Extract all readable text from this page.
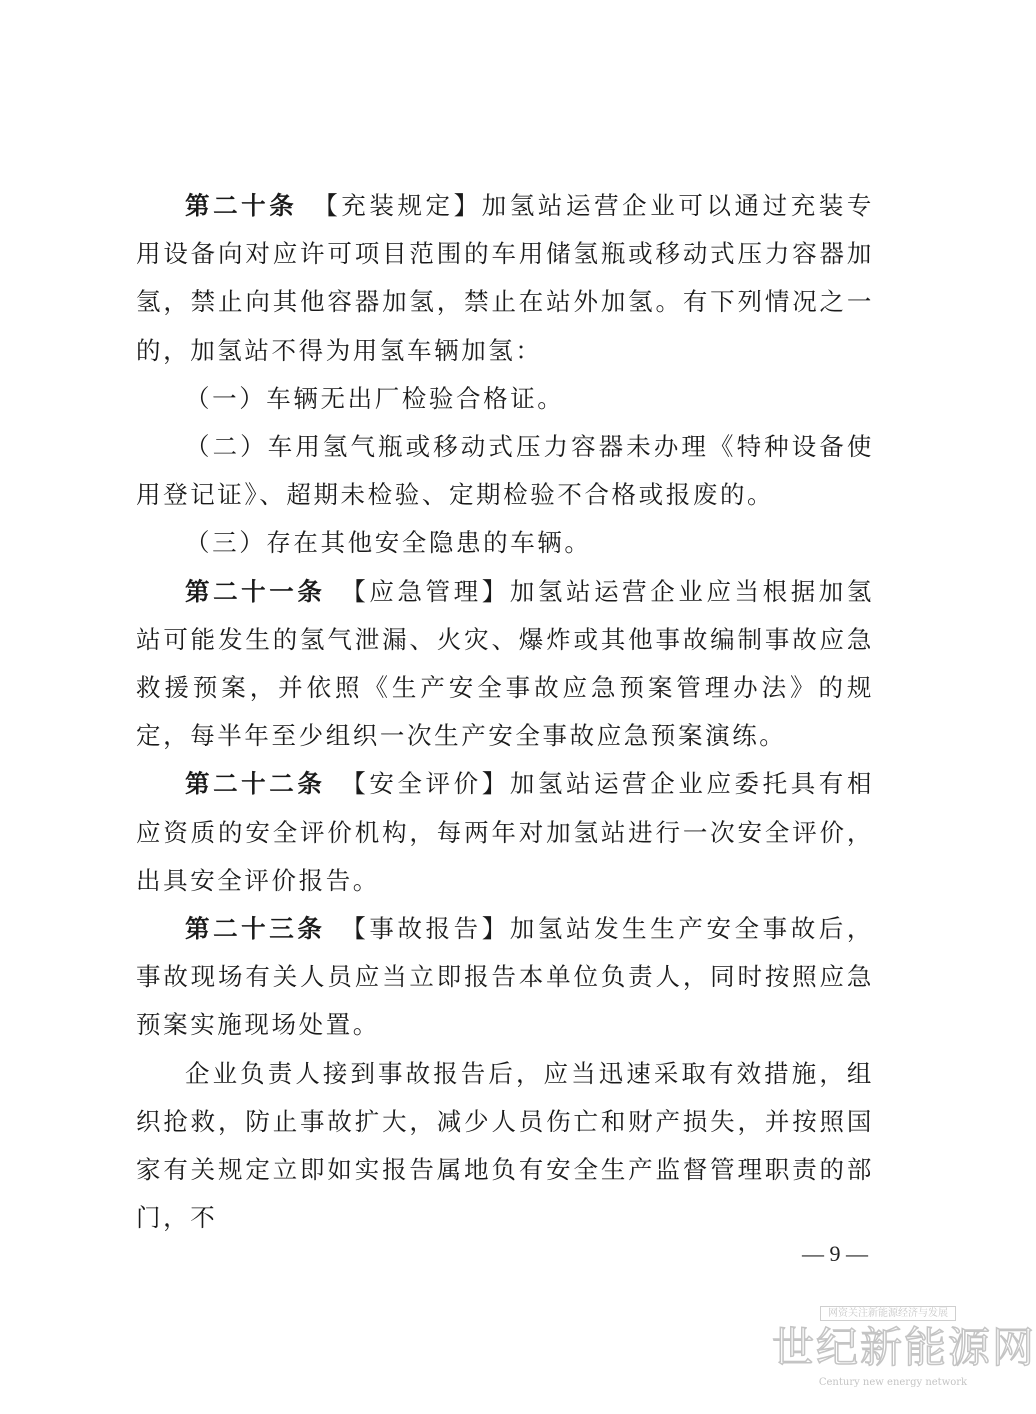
第二十条　 【充装规定】加氢站运营企业可以通过充装专用设备向对应许可项目范围的车用储氢瓶或移动式压力容器加氢，禁止向其他容器加氢，禁止在站外加氢。有下列情况之一的，加氢站不得为用氢车辆加氢：

（一）车辆无出厂检验合格证。

（二）车用氢气瓶或移动式压力容器未办理《特种设备使用登记证》、超期未检验、定期检验不合格或报废的。

（三）存在其他安全隐患的车辆。

第二十一条　 【应急管理】加氢站运营企业应当根据加氢站可能发生的氢气泄漏、火灾、爆炸或其他事故编制事故应急救援预案，并依照《生产安全事故应急预案管理办法》的规定，每半年至少组织一次生产安全事故应急预案演练。

第二十二条　 【安全评价】加氢站运营企业应委托具有相应资质的安全评价机构，每两年对加氢站进行一次安全评价，出具安全评价报告。

第二十三条　 【事故报告】加氢站发生生产安全事故后，事故现场有关人员应当立即报告本单位负责人，同时按照应急预案实施现场处置。

企业负责人接到事故报告后，应当迅速采取有效措施，组织抢救，防止事故扩大，减少人员伤亡和财产损失，并按照国家有关规定立即如实报告属地负有安全生产监督管理职责的部门，不

— 9 —
网资关注新能源经济与发展
世纪新能源网
Century new energy network
